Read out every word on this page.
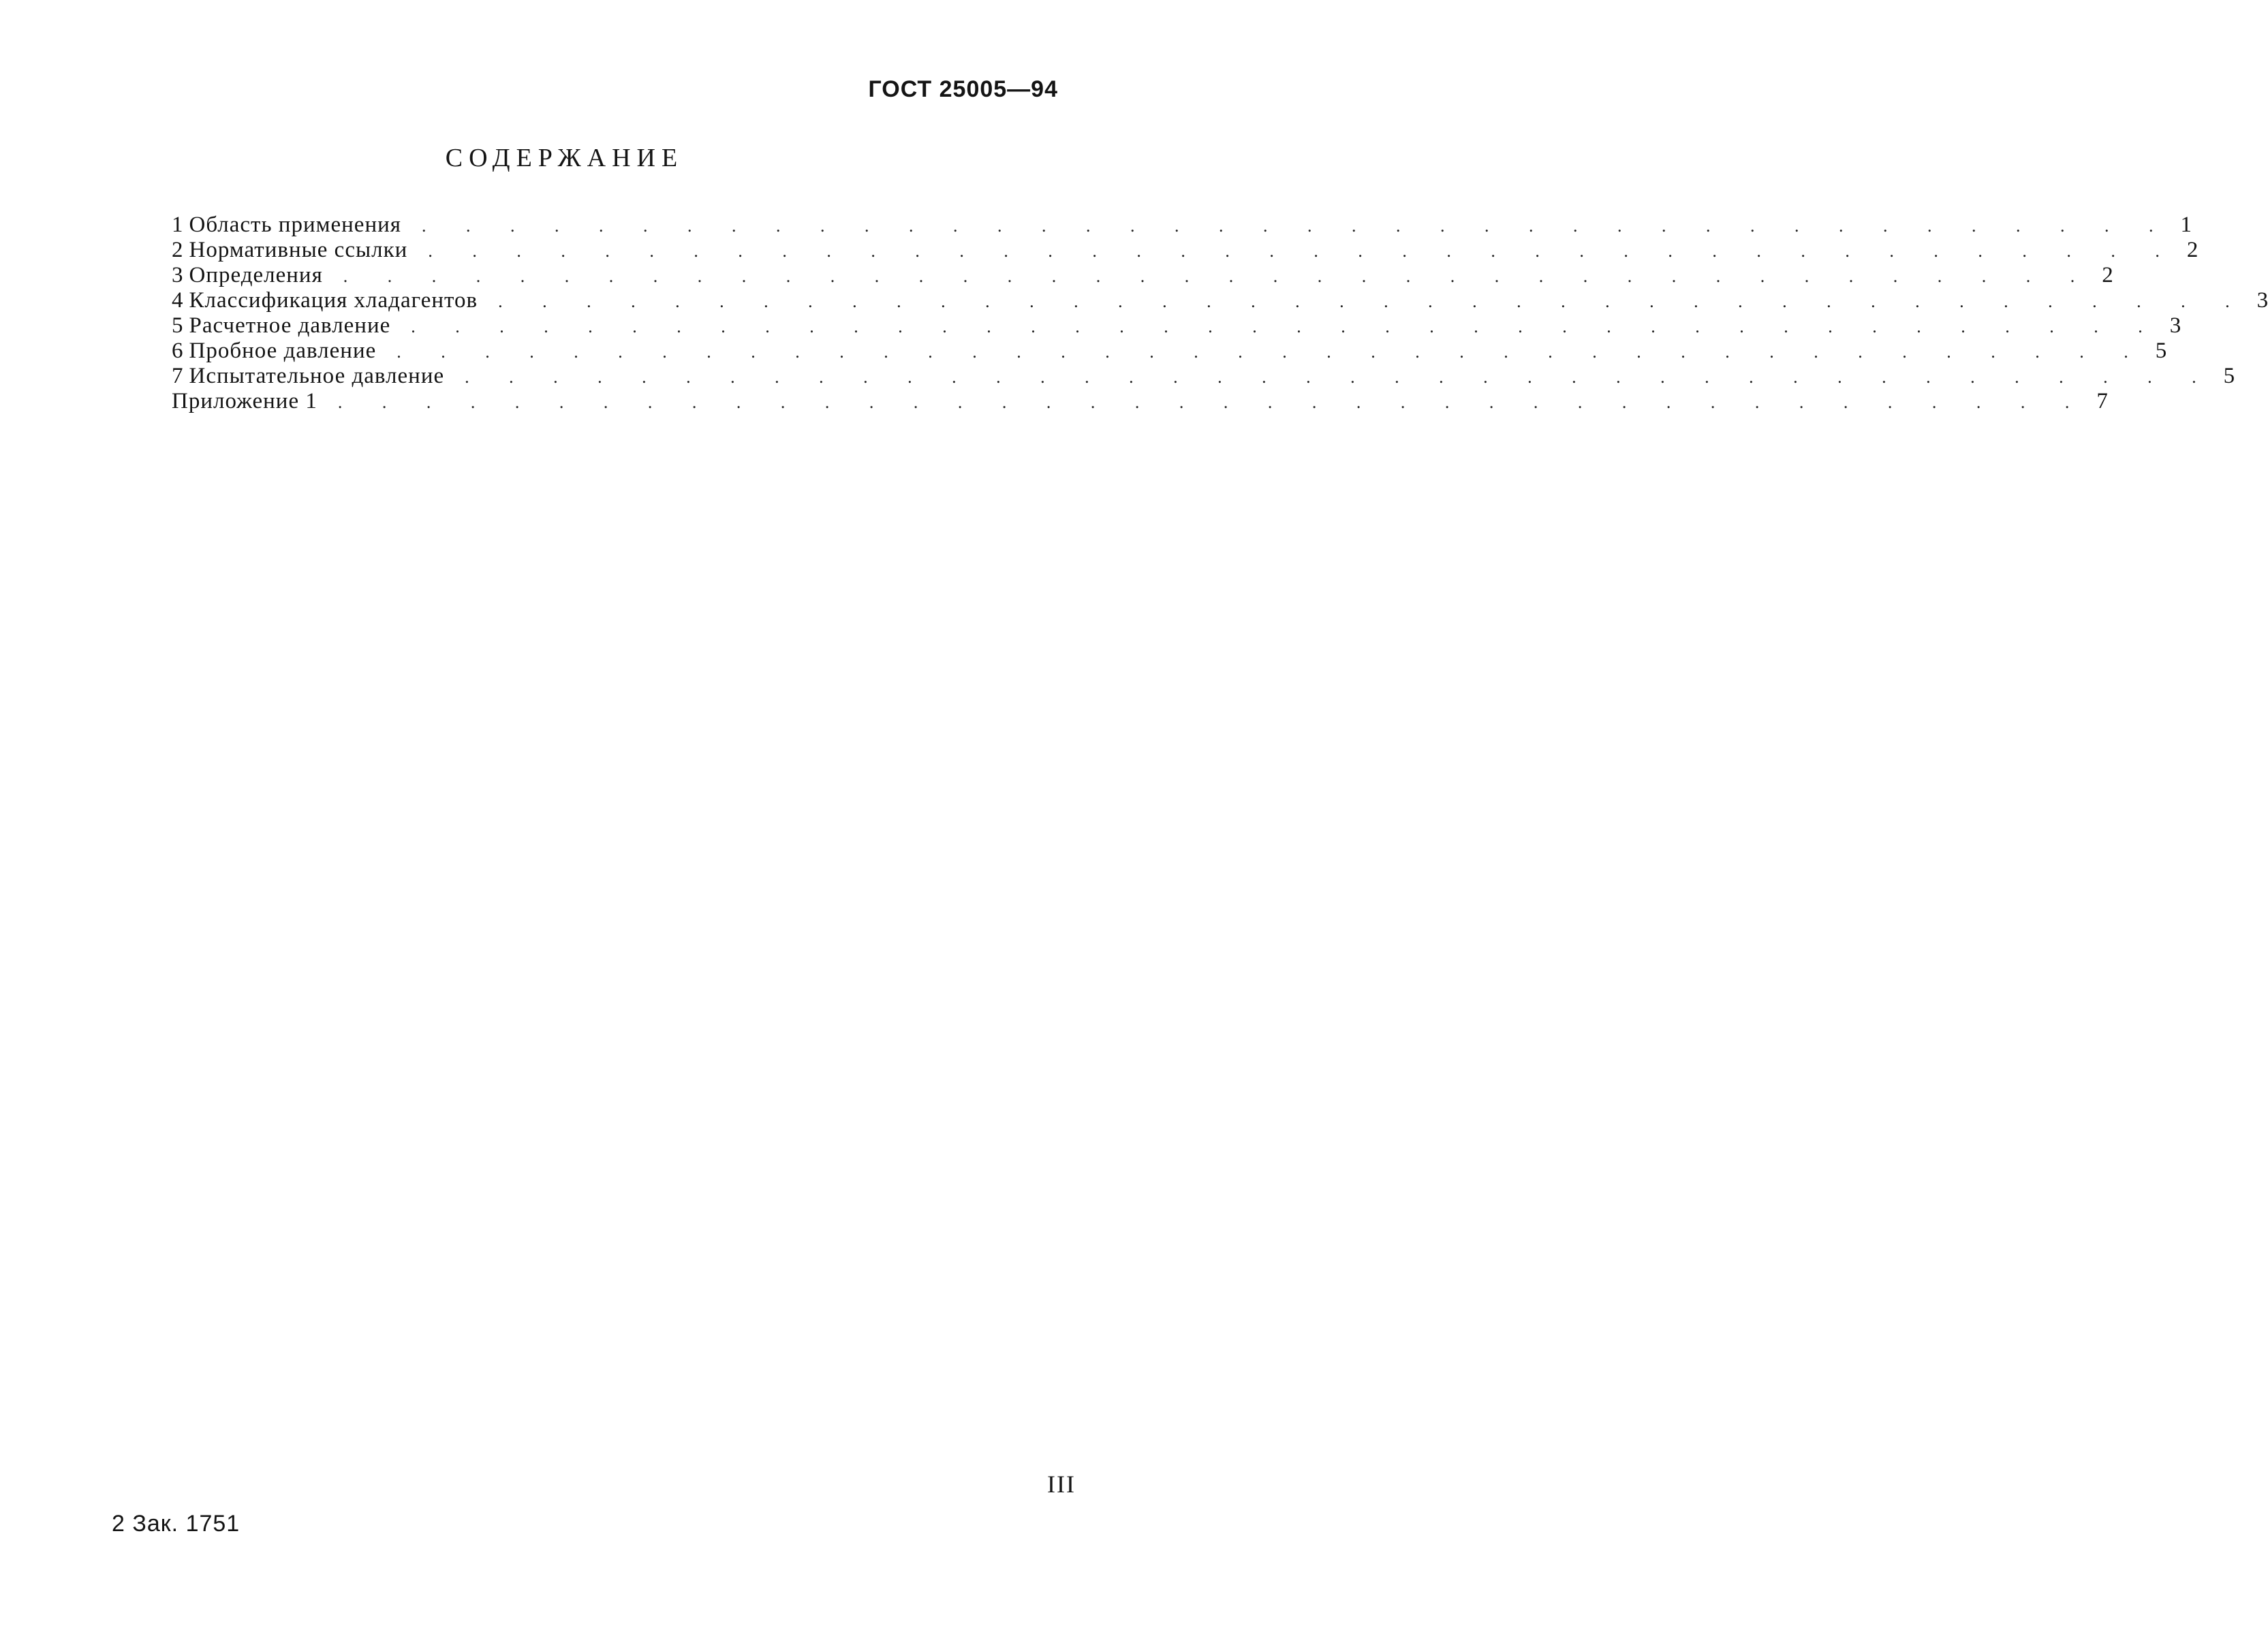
ГОСТ 25005—94
СОДЕРЖАНИЕ
1 Область применения . . . . . . . . . . . . . . . . . . . . . . . . . . . . . . . . . . . . . . . . 1
2 Нормативные ссылки . . . . . . . . . . . . . . . . . . . . . . . . . . . . . . . . . . . . . . . . 2
3 Определения . . . . . . . . . . . . . . . . . . . . . . . . . . . . . . . . . . . . . . . . 2
4 Классификация хладагентов . . . . . . . . . . . . . . . . . . . . . . . . . . . . . . . . . . . . . . . . 3
5 Расчетное давление . . . . . . . . . . . . . . . . . . . . . . . . . . . . . . . . . . . . . . . . 3
6 Пробное давление . . . . . . . . . . . . . . . . . . . . . . . . . . . . . . . . . . . . . . . . 5
7 Испытательное давление . . . . . . . . . . . . . . . . . . . . . . . . . . . . . . . . . . . . . . . . 5
Приложение 1 . . . . . . . . . . . . . . . . . . . . . . . . . . . . . . . . . . . . . . . . 7
III
2 Зак. 1751
